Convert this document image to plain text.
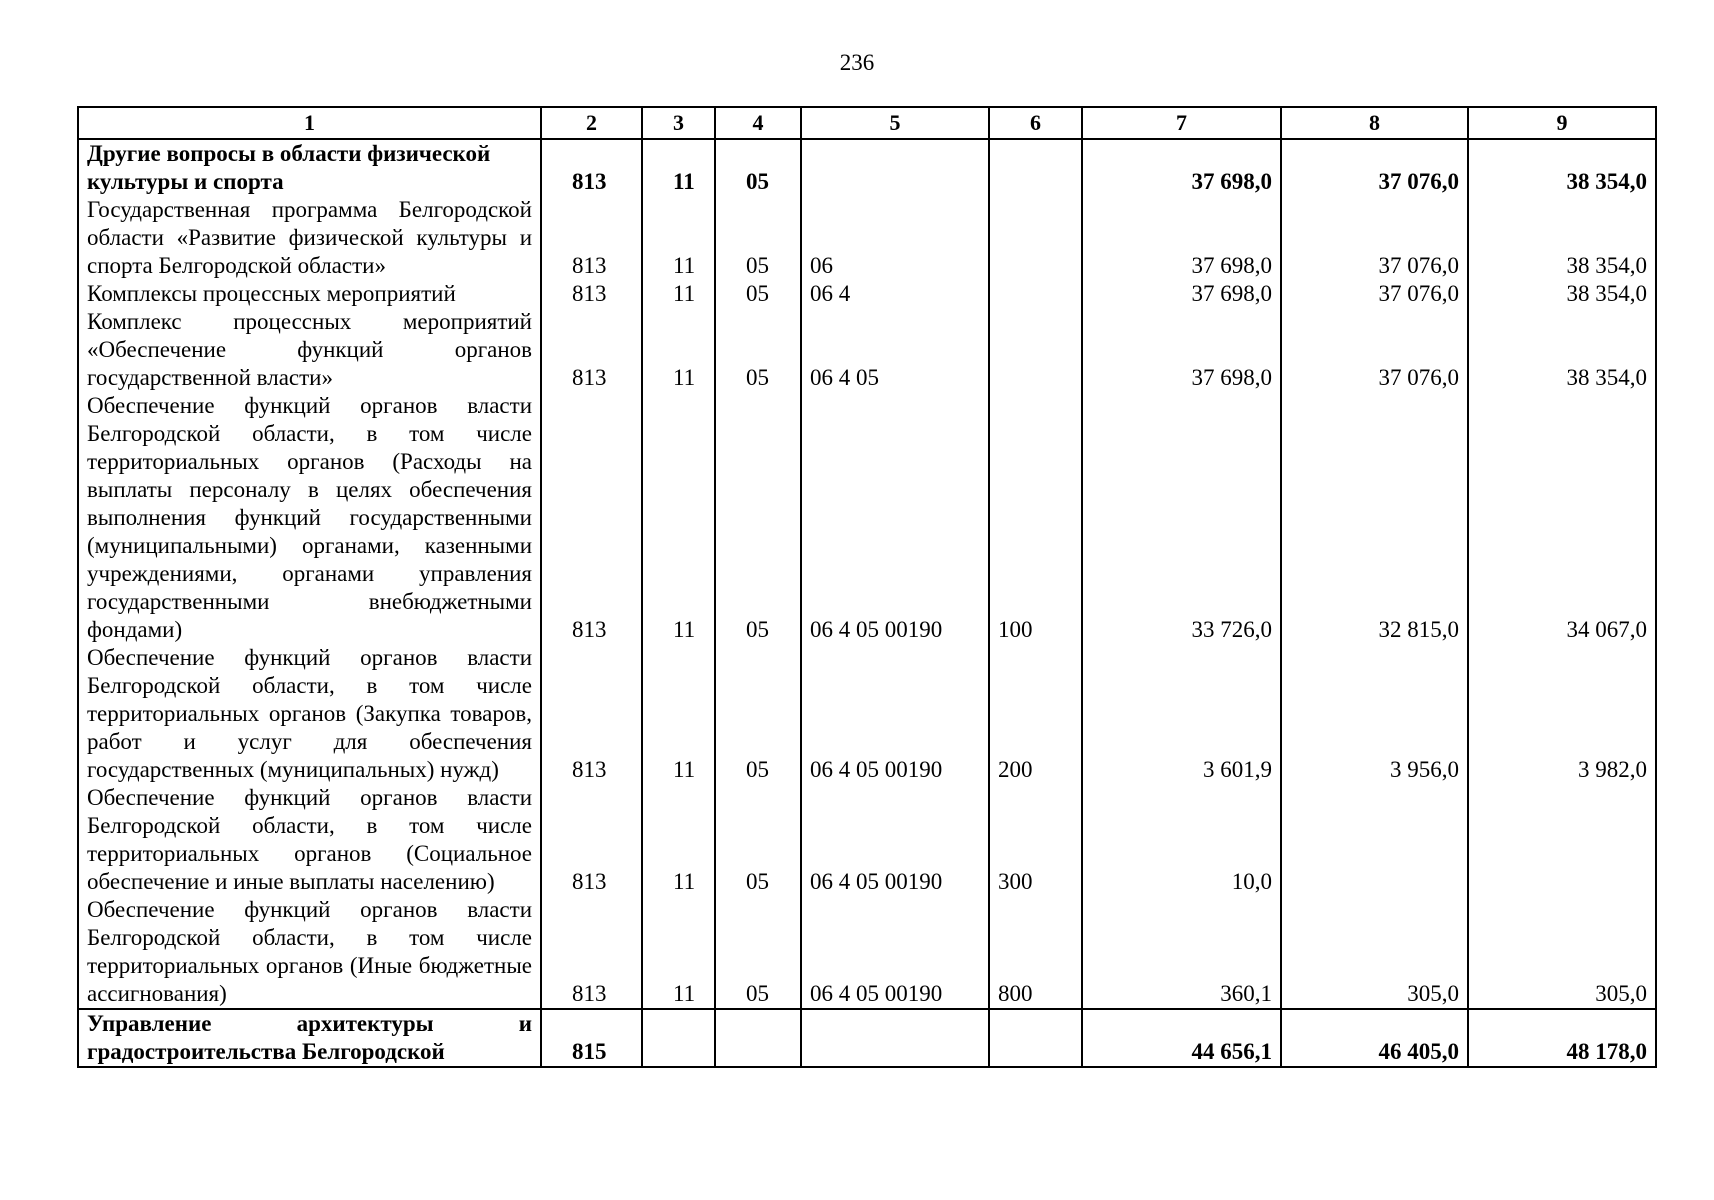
236
1	2	3	4	5	6	7	8	9
Другие вопросы в области физической культуры и спорта	813	11	05			37 698,0	37 076,0	38 354,0
Государственная программа Белгородской области «Развитие физической культуры и спорта Белгородской области»	813	11	05	06		37 698,0	37 076,0	38 354,0
Комплексы процессных мероприятий	813	11	05	06 4		37 698,0	37 076,0	38 354,0
Комплекс процессных мероприятий «Обеспечение функций органов государственной власти»	813	11	05	06 4 05		37 698,0	37 076,0	38 354,0
Обеспечение функций органов власти Белгородской области, в том числе территориальных органов (Расходы на выплаты персоналу в целях обеспечения выполнения функций государственными (муниципальными) органами, казенными учреждениями, органами управления государственными внебюджетными фондами)	813	11	05	06 4 05 00190	100	33 726,0	32 815,0	34 067,0
Обеспечение функций органов власти Белгородской области, в том числе территориальных органов (Закупка товаров, работ и услуг для обеспечения государственных (муниципальных) нужд)	813	11	05	06 4 05 00190	200	3 601,9	3 956,0	3 982,0
Обеспечение функций органов власти Белгородской области, в том числе территориальных органов (Социальное обеспечение и иные выплаты населению)	813	11	05	06 4 05 00190	300	10,0		
Обеспечение функций органов власти Белгородской области, в том числе территориальных органов (Иные бюджетные ассигнования)	813	11	05	06 4 05 00190	800	360,1	305,0	305,0
Управление архитектуры и градостроительства Белгородской	815					44 656,1	46 405,0	48 178,0
